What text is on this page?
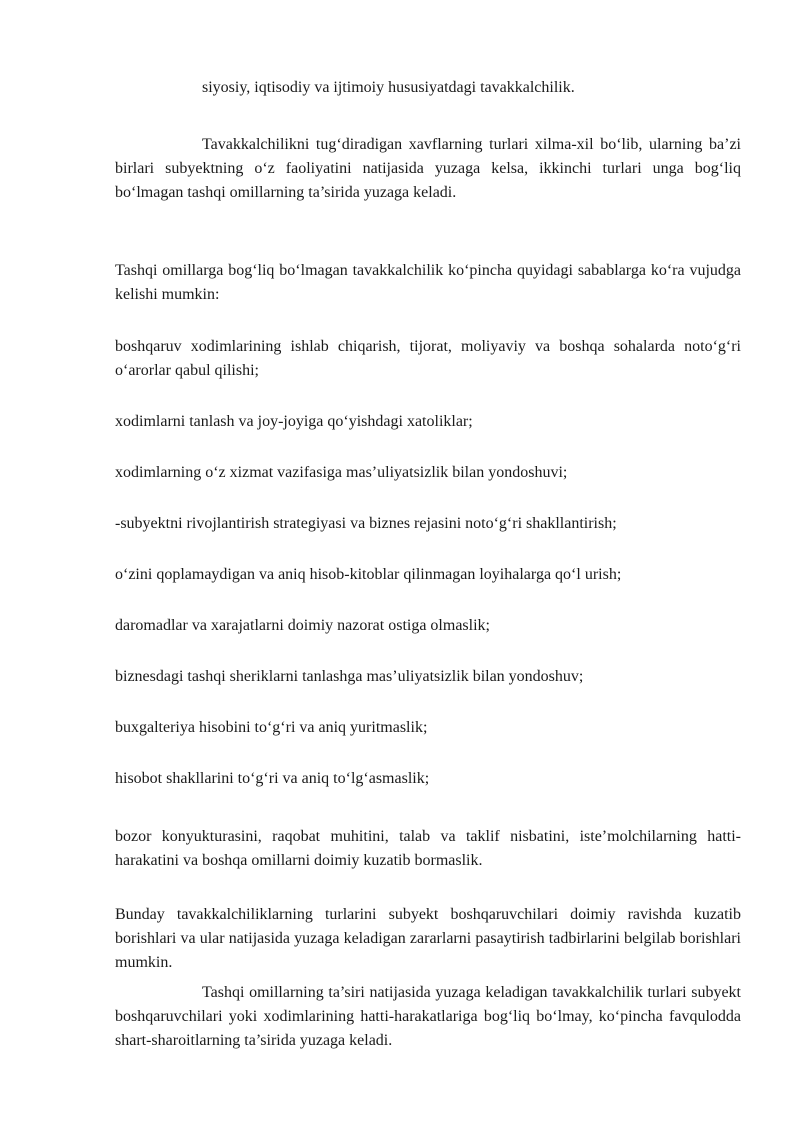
siyosiy, iqtisodiy va ijtimoiy hususiyatdagi tavakkalchilik.

Tavakkalchilikni tug‘diradigan xavflarning turlari xilma-xil bo‘lib, ularning ba’zi birlari subyektning o‘z faoliyatini natijasida yuzaga kelsa, ikkinchi turlari unga bog‘liq bo‘lmagan tashqi omillarning ta’sirida yuzaga keladi.

Tashqi omillarga bog‘liq bo‘lmagan tavakkalchilik ko‘pincha quyidagi sabablarga ko‘ra vujudga kelishi mumkin:

boshqaruv xodimlarining ishlab chiqarish, tijorat, moliyaviy va boshqa sohalarda noto‘g‘ri o‘arorlar qabul qilishi;

xodimlarni tanlash va joy-joyiga qo‘yishdagi xatoliklar;

xodimlarning o‘z xizmat vazifasiga mas’uliyatsizlik bilan yondoshuvi;

-subyektni rivojlantirish strategiyasi va biznes rejasini noto‘g‘ri shakllantirish;

o‘zini qoplamaydigan va aniq hisob-kitoblar qilinmagan loyihalarga qo‘l urish;

daromadlar va xarajatlarni doimiy nazorat ostiga olmaslik;

biznesdagi tashqi sheriklarni tanlashga mas’uliyatsizlik bilan yondoshuv;

buxgalteriya hisobini to‘g‘ri va aniq yuritmaslik;

hisobot shakllarini to‘g‘ri va aniq to‘lg‘asmaslik;

bozor konyukturasini, raqobat muhitini, talab va taklif nisbatini, iste’molchilarning hatti-harakatini va boshqa omillarni doimiy kuzatib bormaslik.

Bunday tavakkalchiliklarning turlarini subyekt boshqaruvchilari doimiy ravishda kuzatib borishlari va ular natijasida yuzaga keladigan zararlarni pasaytirish tadbirlarini belgilab borishlari mumkin.

Tashqi omillarning ta’siri natijasida yuzaga keladigan tavakkalchilik turlari subyekt boshqaruvchilari yoki xodimlarining hatti-harakatlariga bog‘liq bo‘lmay, ko‘pincha favqulodda shart-sharoitlarning ta’sirida yuzaga keladi.
